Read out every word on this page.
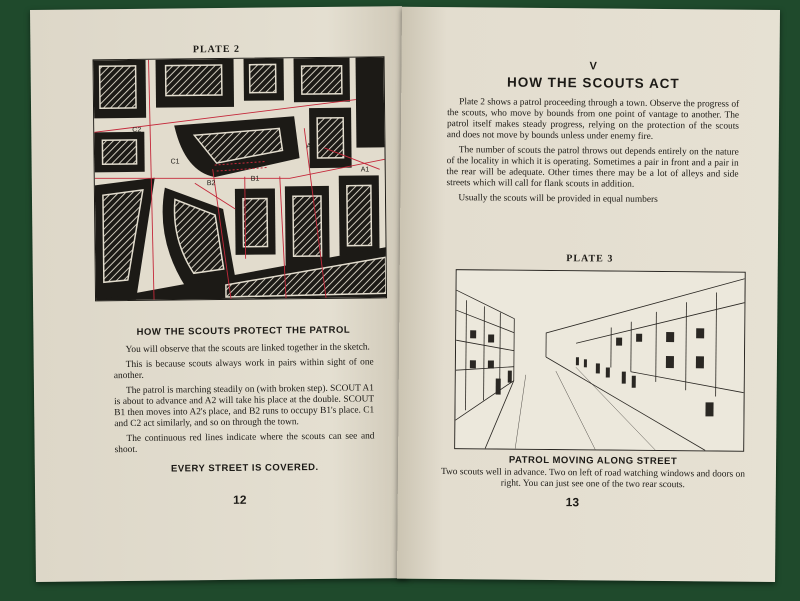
PLATE 2
C2
C1
B2
B1
A2
A1
HOW THE SCOUTS PROTECT THE PATROL

You will observe that the scouts are linked together in the sketch.

This is because scouts always work in pairs within sight of one another.

The patrol is marching steadily on (with broken step). SCOUT A1 is about to advance and A2 will take his place at the double. SCOUT B1 then moves into A2's place, and B2 runs to occupy B1's place. C1 and C2 act similarly, and so on through the town.

The continuous red lines indicate where the scouts can see and shoot.

EVERY STREET IS COVERED.
12
V
HOW THE SCOUTS ACT

Plate 2 shows a patrol proceeding through a town. Observe the progress of the scouts, who move by bounds from one point of vantage to another. The patrol itself makes steady progress, relying on the protection of the scouts and does not move by bounds unless under enemy fire.

The number of scouts the patrol throws out depends entirely on the nature of the locality in which it is operating. Sometimes a pair in front and a pair in the rear will be adequate. Other times there may be a lot of alleys and side streets which will call for flank scouts in addition.

Usually the scouts will be provided in equal numbers

PLATE 3
PATROL MOVING ALONG STREET
Two scouts well in advance. Two on left of road watching windows and doors on right. You can just see one of the two rear scouts.
13
